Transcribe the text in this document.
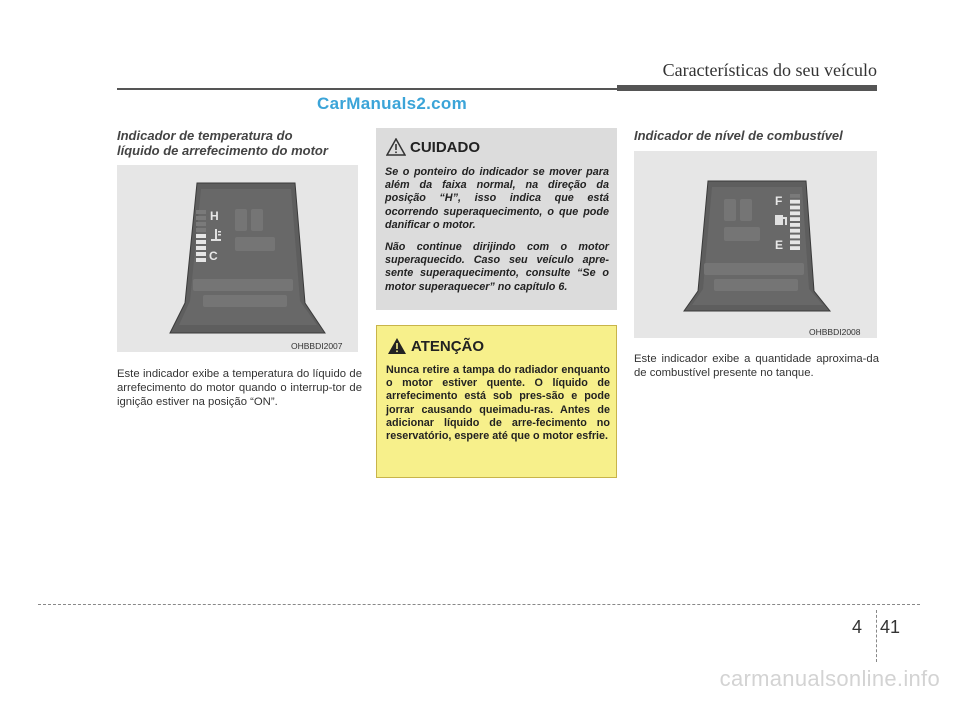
Características do seu veículo
CarManuals2.com
Indicador de temperatura do
líquido de arrefecimento do motor
H
C
OHBBDI2007
Este indicador exibe a temperatura do líquido de arrefecimento do motor quando o interrup-tor de ignição estiver na posição “ON”.
CUIDADO
Se o ponteiro do indicador se mover para além da faixa normal, na direção da posição “H”, isso indica que está ocorrendo superaquecimento, o que pode danificar o motor.
Não continue dirijindo com o motor superaquecido. Caso seu veículo apre-sente superaquecimento, consulte “Se o motor superaquecer” no capítulo 6.
ATENÇÃO
Nunca retire a tampa do radiador enquanto o motor estiver quente. O líquido de arrefecimento está sob pres-são e pode jorrar causando queimadu-ras. Antes de adicionar líquido de arre-fecimento no reservatório, espere até que o motor esfrie.
Indicador de nível de combustível
F
E
OHBBDI2008
Este indicador exibe a quantidade aproxima-da de combustível presente no tanque.
4 41
carmanualsonline.info
